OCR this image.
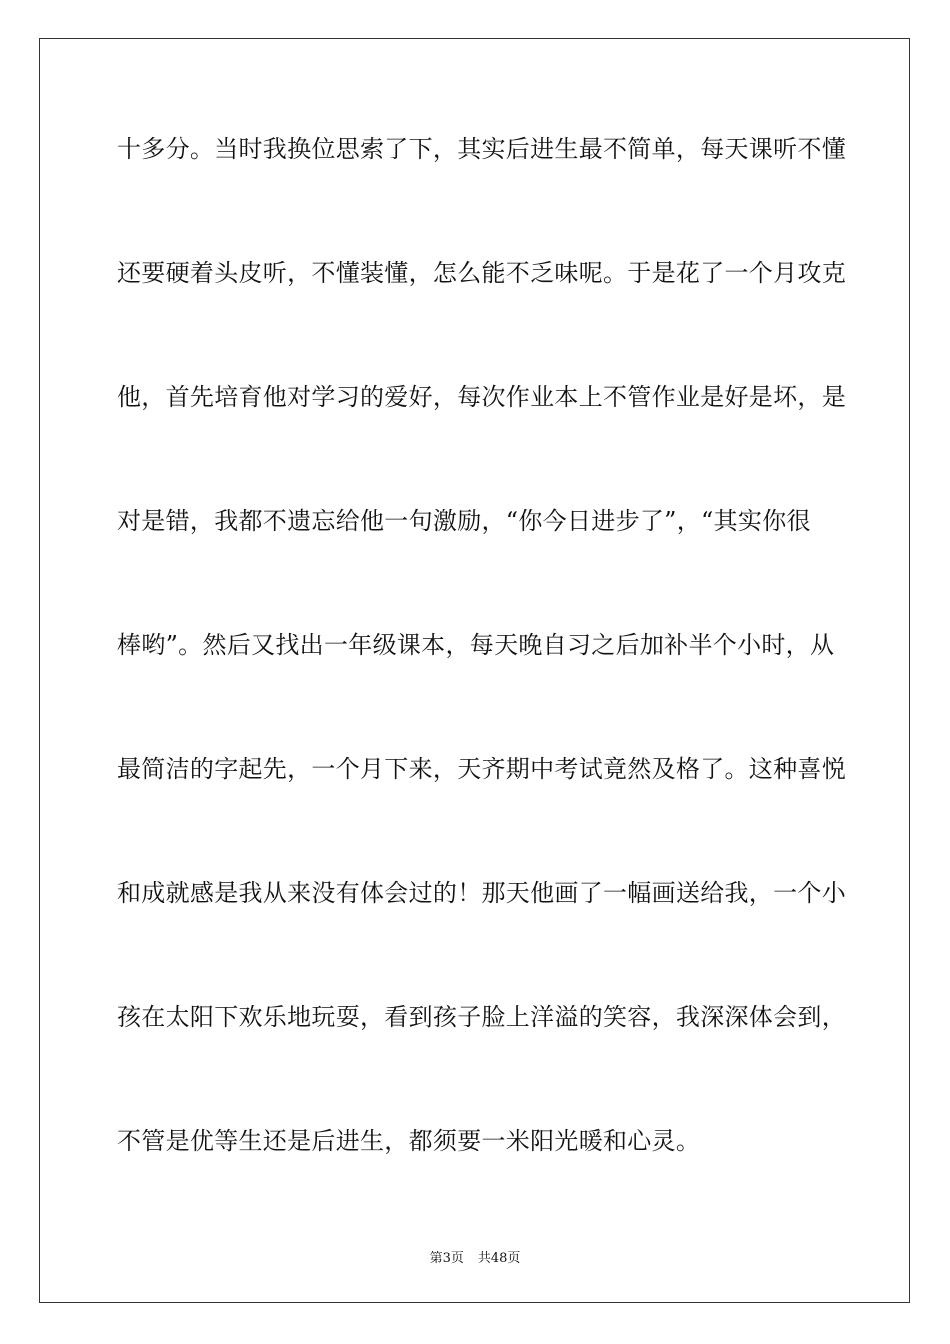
十多分。当时我换位思索了下，其实后进生最不简单，每天课听不懂
还要硬着头皮听，不懂装懂，怎么能不乏味呢。于是花了一个月攻克
他，首先培育他对学习的爱好，每次作业本上不管作业是好是坏，是
对是错，我都不遗忘给他一句激励，“你今日进步了”，“其实你很
棒哟”。然后又找出一年级课本，每天晚自习之后加补半个小时，从
最简洁的字起先，一个月下来，天齐期中考试竟然及格了。这种喜悦
和成就感是我从来没有体会过的！那天他画了一幅画送给我，一个小
孩在太阳下欢乐地玩耍，看到孩子脸上洋溢的笑容，我深深体会到，
不管是优等生还是后进生，都须要一米阳光暖和心灵。
第3页 共48页
